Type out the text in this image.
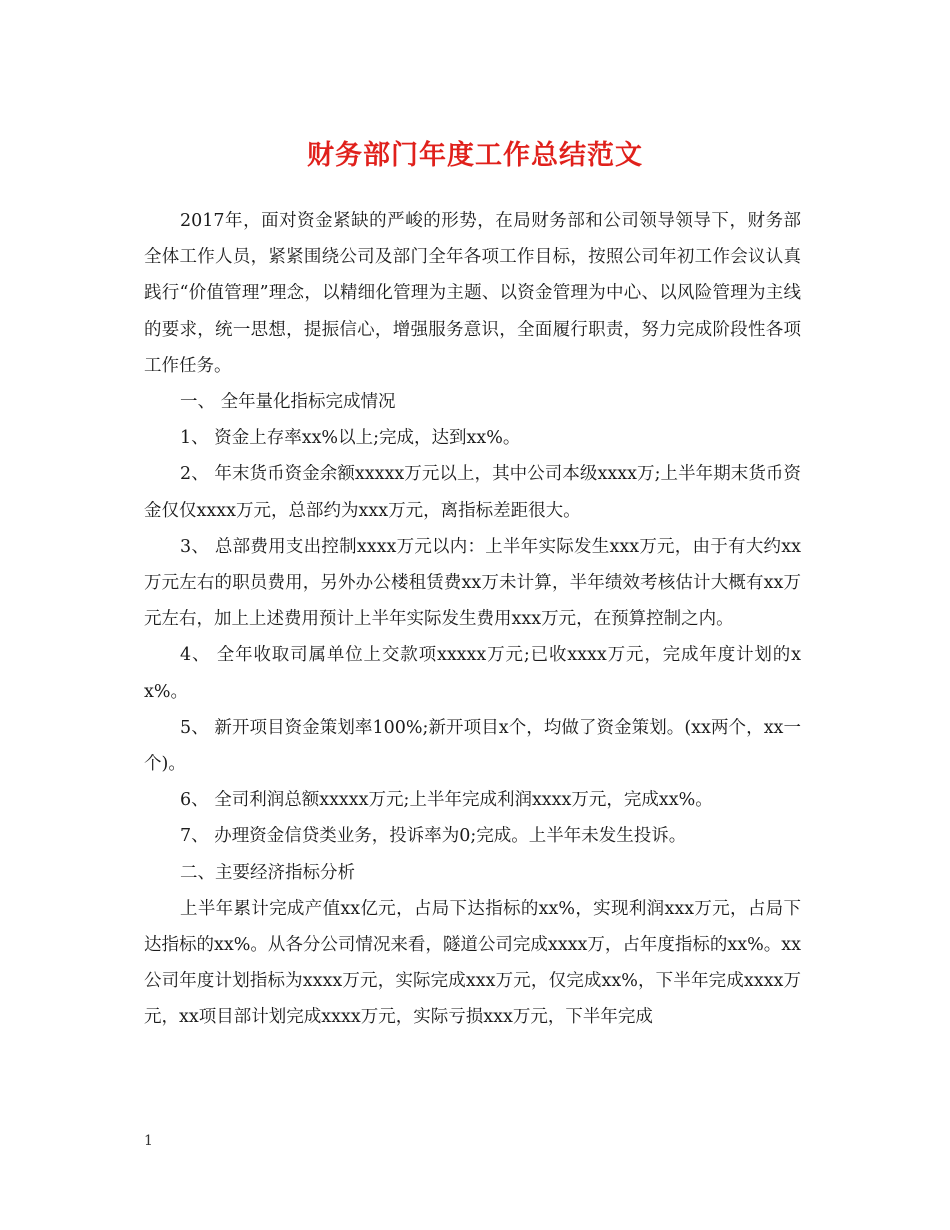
财务部门年度工作总结范文

2017年，面对资金紧缺的严峻的形势，在局财务部和公司领导领导下，财务部全体工作人员，紧紧围绕公司及部门全年各项工作目标，按照公司年初工作会议认真践行“价值管理”理念，以精细化管理为主题、以资金管理为中心、以风险管理为主线的要求，统一思想，提振信心，增强服务意识，全面履行职责，努力完成阶段性各项工作任务。

一、 全年量化指标完成情况

1、 资金上存率xx%以上;完成，达到xx%。

2、 年末货币资金余额xxxxx万元以上，其中公司本级xxxx万;上半年期末货币资金仅仅xxxx万元，总部约为xxx万元，离指标差距很大。

3、 总部费用支出控制xxxx万元以内：上半年实际发生xxx万元，由于有大约xx万元左右的职员费用，另外办公楼租赁费xx万未计算，半年绩效考核估计大概有xx万元左右，加上上述费用预计上半年实际发生费用xxx万元，在预算控制之内。

4、 全年收取司属单位上交款项xxxxx万元;已收xxxx万元，完成年度计划的xx%。

5、 新开项目资金策划率100%;新开项目x个，均做了资金策划。(xx两个，xx一个)。

6、 全司利润总额xxxxx万元;上半年完成利润xxxx万元，完成xx%。

7、 办理资金信贷类业务，投诉率为0;完成。上半年未发生投诉。

二、主要经济指标分析

上半年累计完成产值xx亿元，占局下达指标的xx%，实现利润xxx万元，占局下达指标的xx%。从各分公司情况来看，隧道公司完成xxxx万，占年度指标的xx%。xx公司年度计划指标为xxxx万元，实际完成xxx万元，仅完成xx%，下半年完成xxxx万元，xx项目部计划完成xxxx万元，实际亏损xxx万元，下半年完成

1
